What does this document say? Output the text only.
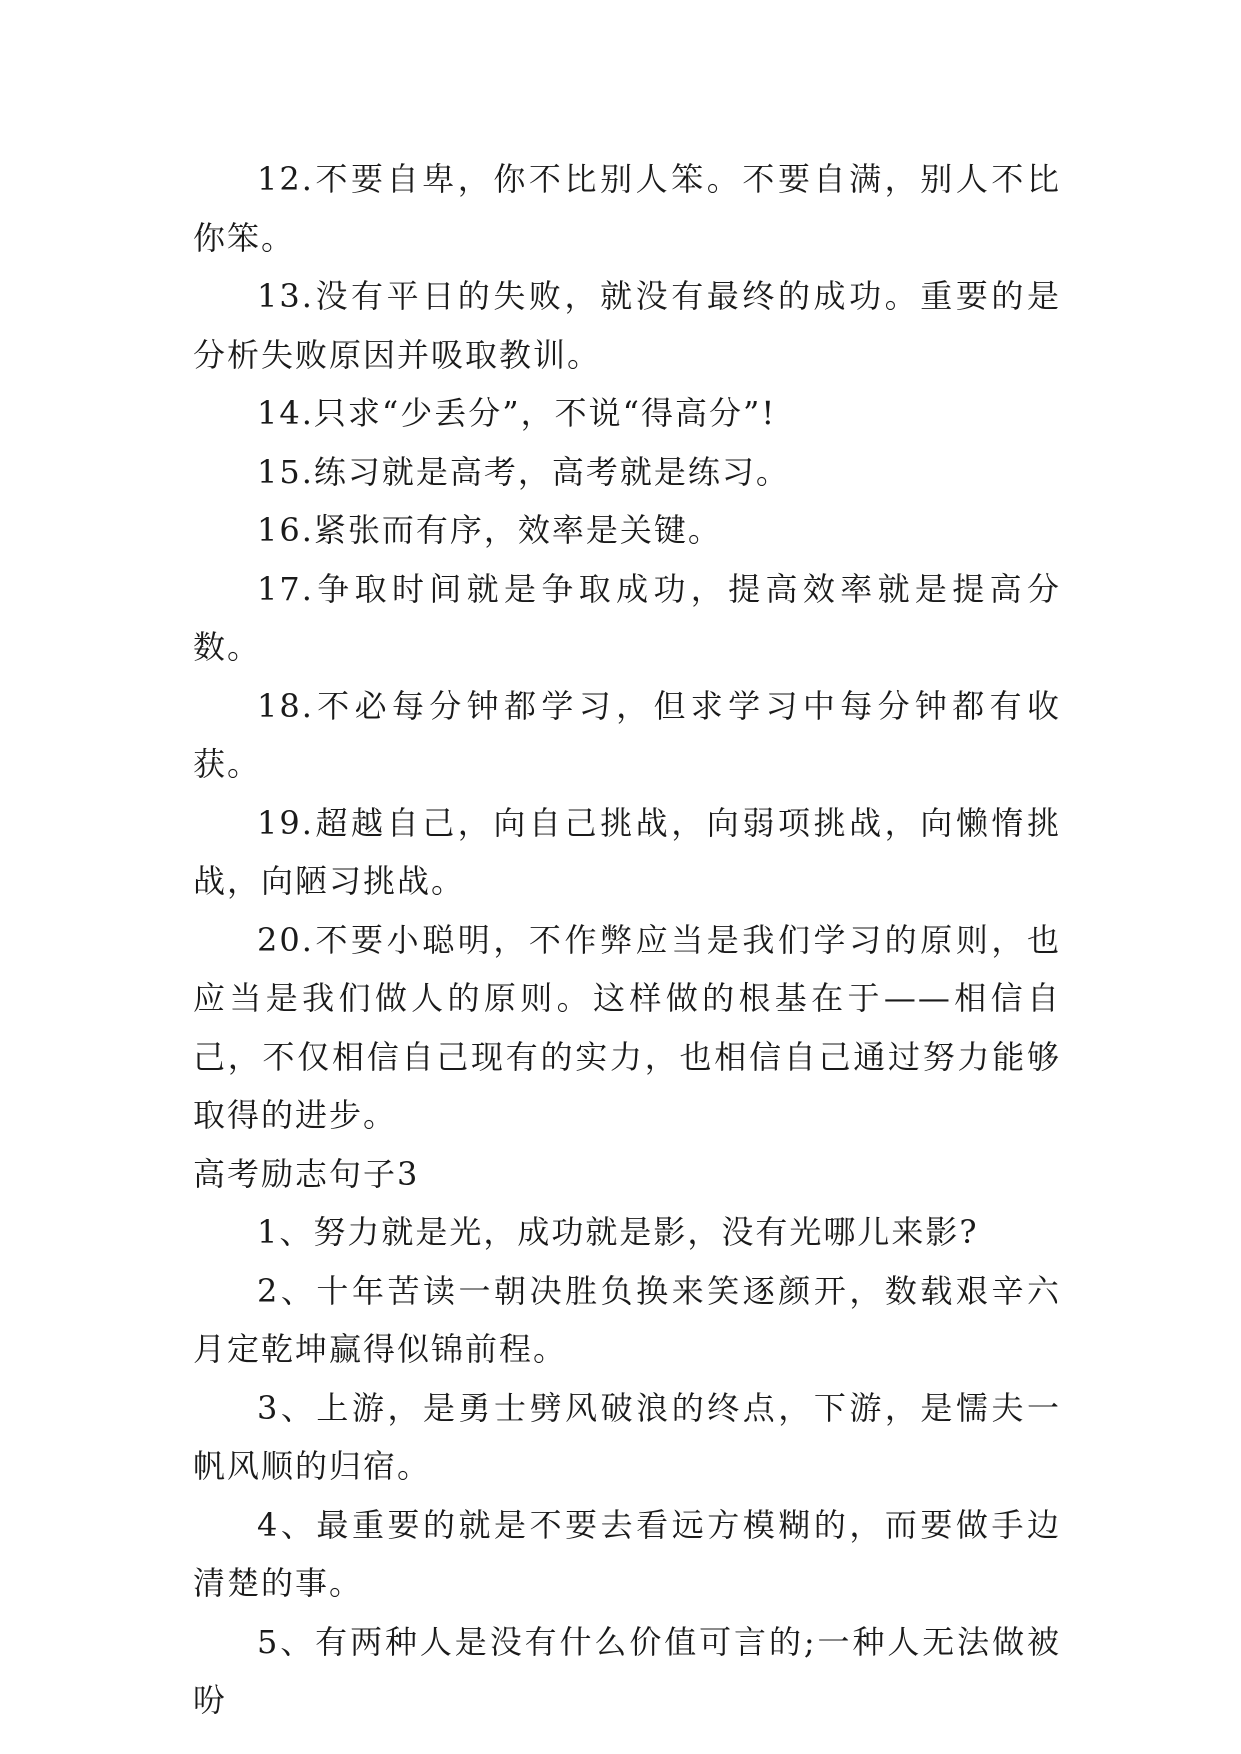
12.不要自卑，你不比别人笨。不要自满，别人不比你笨。

13.没有平日的失败，就没有最终的成功。重要的是分析失败原因并吸取教训。

14.只求“少丢分”，不说“得高分”!

15.练习就是高考，高考就是练习。

16.紧张而有序，效率是关键。

17.争取时间就是争取成功，提高效率就是提高分数。

18.不必每分钟都学习，但求学习中每分钟都有收获。

19.超越自己，向自己挑战，向弱项挑战，向懒惰挑战，向陋习挑战。

20.不要小聪明，不作弊应当是我们学习的原则，也应当是我们做人的原则。这样做的根基在于——相信自己，不仅相信自己现有的实力，也相信自己通过努力能够取得的进步。

高考励志句子3

1、努力就是光，成功就是影，没有光哪儿来影?

2、十年苦读一朝决胜负换来笑逐颜开，数载艰辛六月定乾坤赢得似锦前程。

3、上游，是勇士劈风破浪的终点，下游，是懦夫一帆风顺的归宿。

4、最重要的就是不要去看远方模糊的，而要做手边清楚的事。

5、有两种人是没有什么价值可言的;一种人无法做被吩
